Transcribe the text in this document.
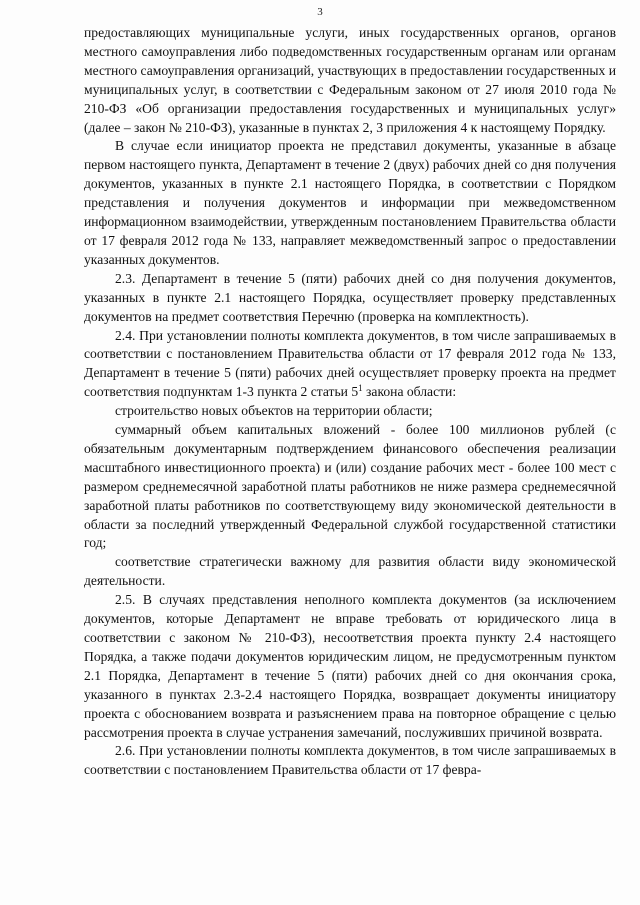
3

предоставляющих муниципальные услуги, иных государственных органов, органов местного самоуправления либо подведомственных государственным органам или органам местного самоуправления организаций, участвующих в предоставлении государственных и муниципальных услуг, в соответствии с Федеральным законом от 27 июля 2010 года № 210-ФЗ «Об организации предоставления государственных и муниципальных услуг» (далее – закон № 210-ФЗ), указанные в пунктах 2, 3 приложения 4 к настоящему Порядку.

В случае если инициатор проекта не представил документы, указанные в абзаце первом настоящего пункта, Департамент в течение 2 (двух) рабочих дней со дня получения документов, указанных в пункте 2.1 настоящего Порядка, в соответствии с Порядком представления и получения документов и информации при межведомственном информационном взаимодействии, утвержденным постановлением Правительства области от 17 февраля 2012 года № 133, направляет межведомственный запрос о предоставлении указанных документов.

2.3. Департамент в течение 5 (пяти) рабочих дней со дня получения документов, указанных в пункте 2.1 настоящего Порядка, осуществляет проверку представленных документов на предмет соответствия Перечню (проверка на комплектность).

2.4. При установлении полноты комплекта документов, в том числе запрашиваемых в соответствии с постановлением Правительства области от 17 февраля 2012 года № 133, Департамент в течение 5 (пяти) рабочих дней осуществляет проверку проекта на предмет соответствия подпунктам 1-3 пункта 2 статьи $5^1$ закона области:

строительство новых объектов на территории области;

суммарный объем капитальных вложений - более 100 миллионов рублей (с обязательным документарным подтверждением финансового обеспечения реализации масштабного инвестиционного проекта) и (или) создание рабочих мест - более 100 мест с размером среднемесячной заработной платы работников не ниже размера среднемесячной заработной платы работников по соответствующему виду экономической деятельности в области за последний утвержденный Федеральной службой государственной статистики год;

соответствие стратегически важному для развития области виду экономической деятельности.

2.5. В случаях представления неполного комплекта документов (за исключением документов, которые Департамент не вправе требовать от юридического лица в соответствии с законом № 210-ФЗ), несоответствия проекта пункту 2.4 настоящего Порядка, а также подачи документов юридическим лицом, не предусмотренным пунктом 2.1 Порядка, Департамент в течение 5 (пяти) рабочих дней со дня окончания срока, указанного в пунктах 2.3-2.4 настоящего Порядка, возвращает документы инициатору проекта с обоснованием возврата и разъяснением права на повторное обращение с целью рассмотрения проекта в случае устранения замечаний, послуживших причиной возврата.

2.6. При установлении полноты комплекта документов, в том числе запрашиваемых в соответствии с постановлением Правительства области от 17 февра-
